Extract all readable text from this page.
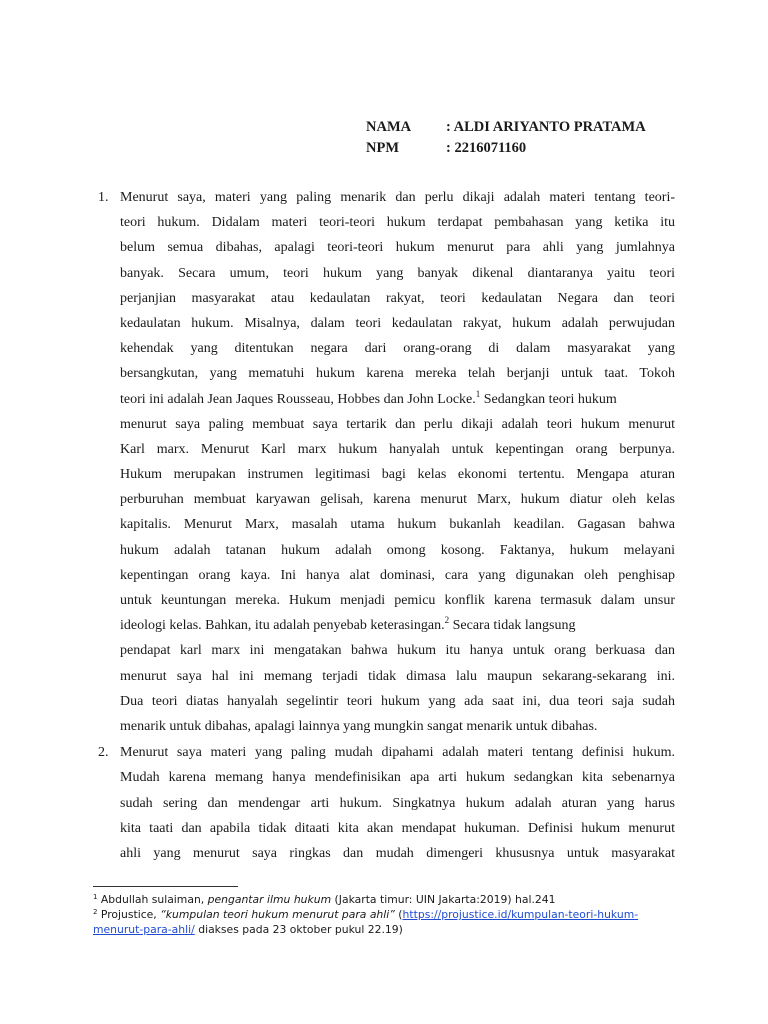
NAMA	: ALDI ARIYANTO PRATAMA
NPM	: 2216071160
1. Menurut saya, materi yang paling menarik dan perlu dikaji adalah materi tentang teori-
teori hukum. Didalam materi teori-teori hukum terdapat pembahasan yang ketika itu
belum semua dibahas, apalagi teori-teori hukum menurut para ahli yang jumlahnya
banyak. Secara umum, teori hukum yang banyak dikenal diantaranya yaitu teori
perjanjian masyarakat atau kedaulatan rakyat, teori kedaulatan Negara dan teori
kedaulatan hukum. Misalnya, dalam teori kedaulatan rakyat, hukum adalah perwujudan
kehendak yang ditentukan negara dari orang-orang di dalam masyarakat yang
bersangkutan, yang mematuhi hukum karena mereka telah berjanji untuk taat. Tokoh
teori ini adalah Jean Jaques Rousseau, Hobbes dan John Locke.$^1$ Sedangkan teori hukum
menurut saya paling membuat saya tertarik dan perlu dikaji adalah teori hukum menurut
Karl marx. Menurut Karl marx hukum hanyalah untuk kepentingan orang berpunya.
Hukum merupakan instrumen legitimasi bagi kelas ekonomi tertentu. Mengapa aturan
perburuhan membuat karyawan gelisah, karena menurut Marx, hukum diatur oleh kelas
kapitalis. Menurut Marx, masalah utama hukum bukanlah keadilan. Gagasan bahwa
hukum adalah tatanan hukum adalah omong kosong. Faktanya, hukum melayani
kepentingan orang kaya. Ini hanya alat dominasi, cara yang digunakan oleh penghisap
untuk keuntungan mereka. Hukum menjadi pemicu konflik karena termasuk dalam unsur
ideologi kelas. Bahkan, itu adalah penyebab keterasingan.$^2$ Secara tidak langsung
pendapat karl marx ini mengatakan bahwa hukum itu hanya untuk orang berkuasa dan
menurut saya hal ini memang terjadi tidak dimasa lalu maupun sekarang-sekarang ini.
Dua teori diatas hanyalah segelintir teori hukum yang ada saat ini, dua teori saja sudah
menarik untuk dibahas, apalagi lainnya yang mungkin sangat menarik untuk dibahas.
2. Menurut saya materi yang paling mudah dipahami adalah materi tentang definisi hukum.
Mudah karena memang hanya mendefinisikan apa arti hukum sedangkan kita sebenarnya
sudah sering dan mendengar arti hukum. Singkatnya hukum adalah aturan yang harus
kita taati dan apabila tidak ditaati kita akan mendapat hukuman. Definisi hukum menurut
ahli yang menurut saya ringkas dan mudah dimengeri khususnya untuk masyarakat

$^1$ Abdullah sulaiman, pengantar ilmu hukum (Jakarta timur: UIN Jakarta:2019) hal.241

$^2$ Projustice, “kumpulan teori hukum menurut para ahli” (https://projustice.id/kumpulan-teori-hukum-menurut-para-ahli/ diakses pada 23 oktober pukul 22.19)
